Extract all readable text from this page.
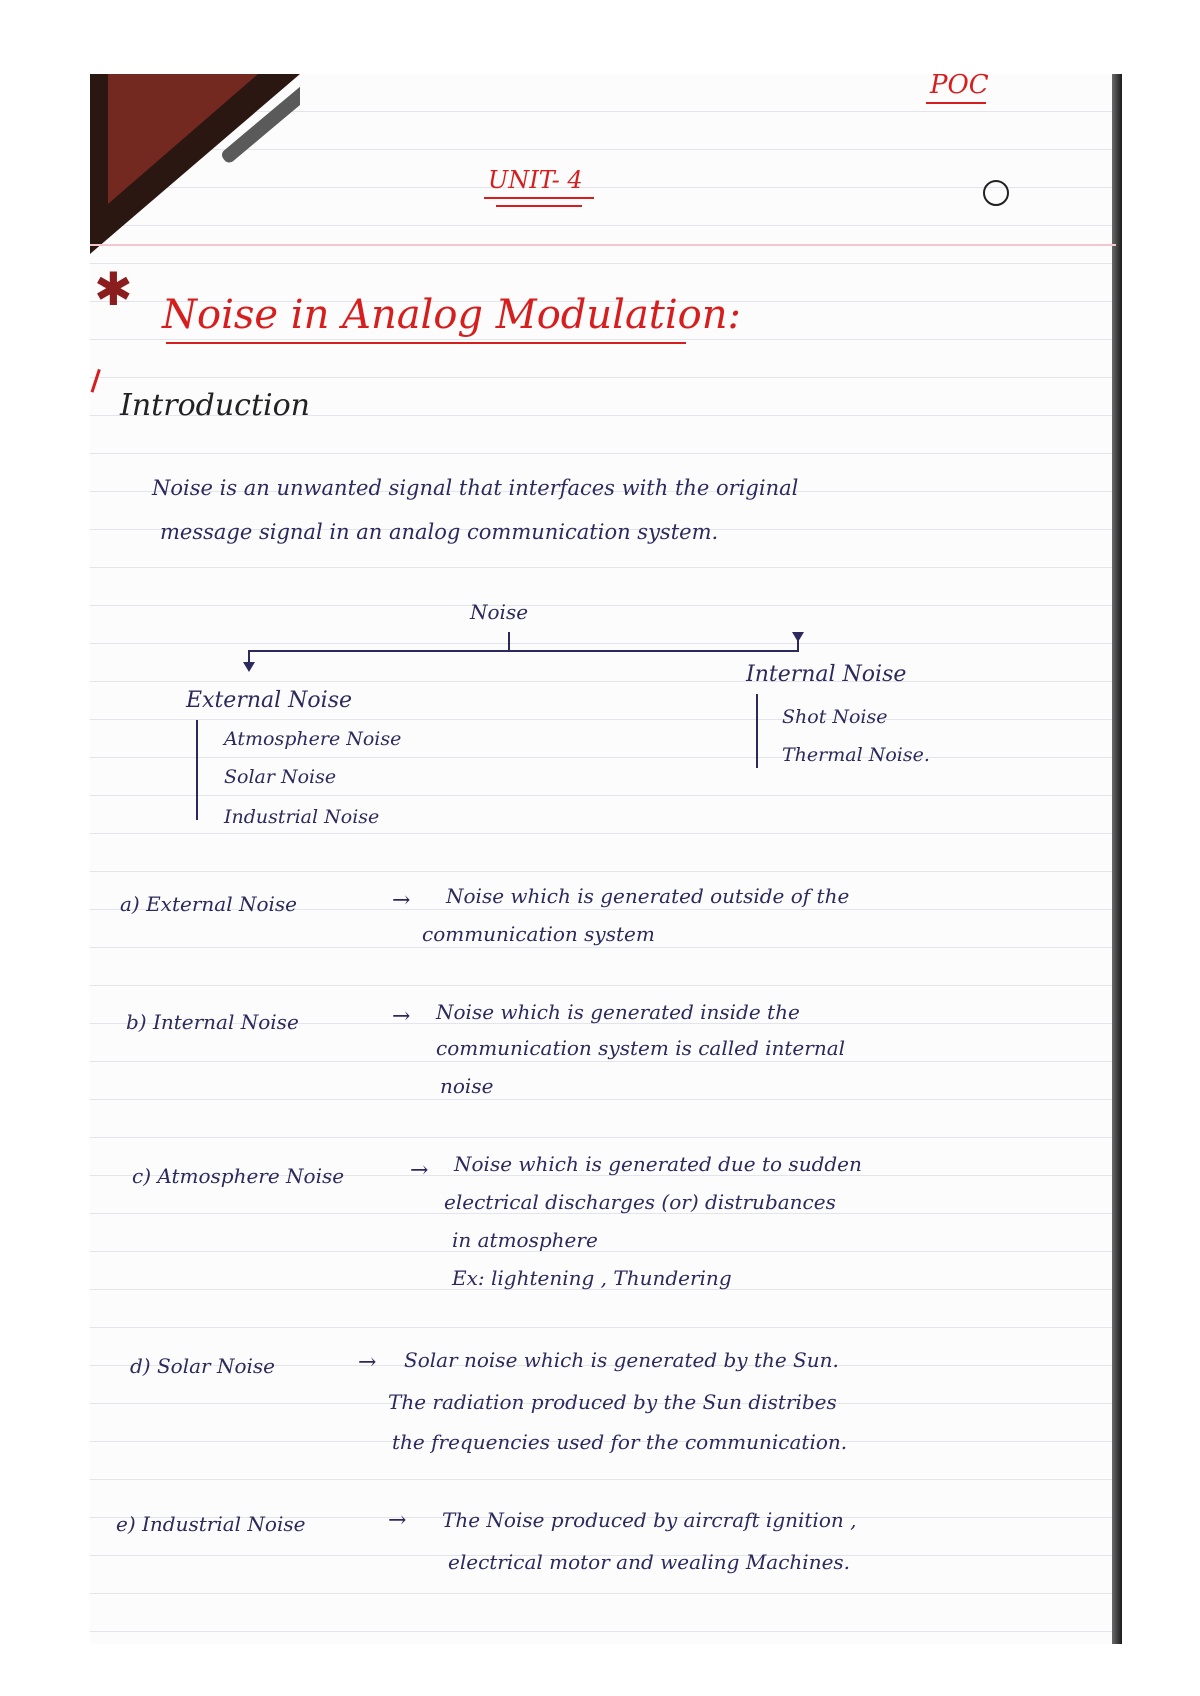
POC
UNIT- 4
✱ Noise in Analog Modulation:
Introduction
Noise is an unwanted signal that interfaces with the original
message signal in an analog communication system.
Noise
External Noise
Atmosphere Noise
Solar Noise
Industrial Noise
Internal Noise
Shot Noise
Thermal Noise.
a) External Noise	→ Noise which is generated outside of the
communication system
b) Internal Noise	→ Noise which is generated inside the
communication system is called internal
noise
c) Atmosphere Noise	→ Noise which is generated due to sudden
electrical discharges (or) distrubances
in atmosphere
Ex: lightening , Thundering
d) Solar Noise	→ Solar noise which is generated by the Sun.
The radiation produced by the Sun distribes
the frequencies used for the communication.
e) Industrial Noise	→ The Noise produced by aircraft ignition ,
electrical motor and wealing Machines.
